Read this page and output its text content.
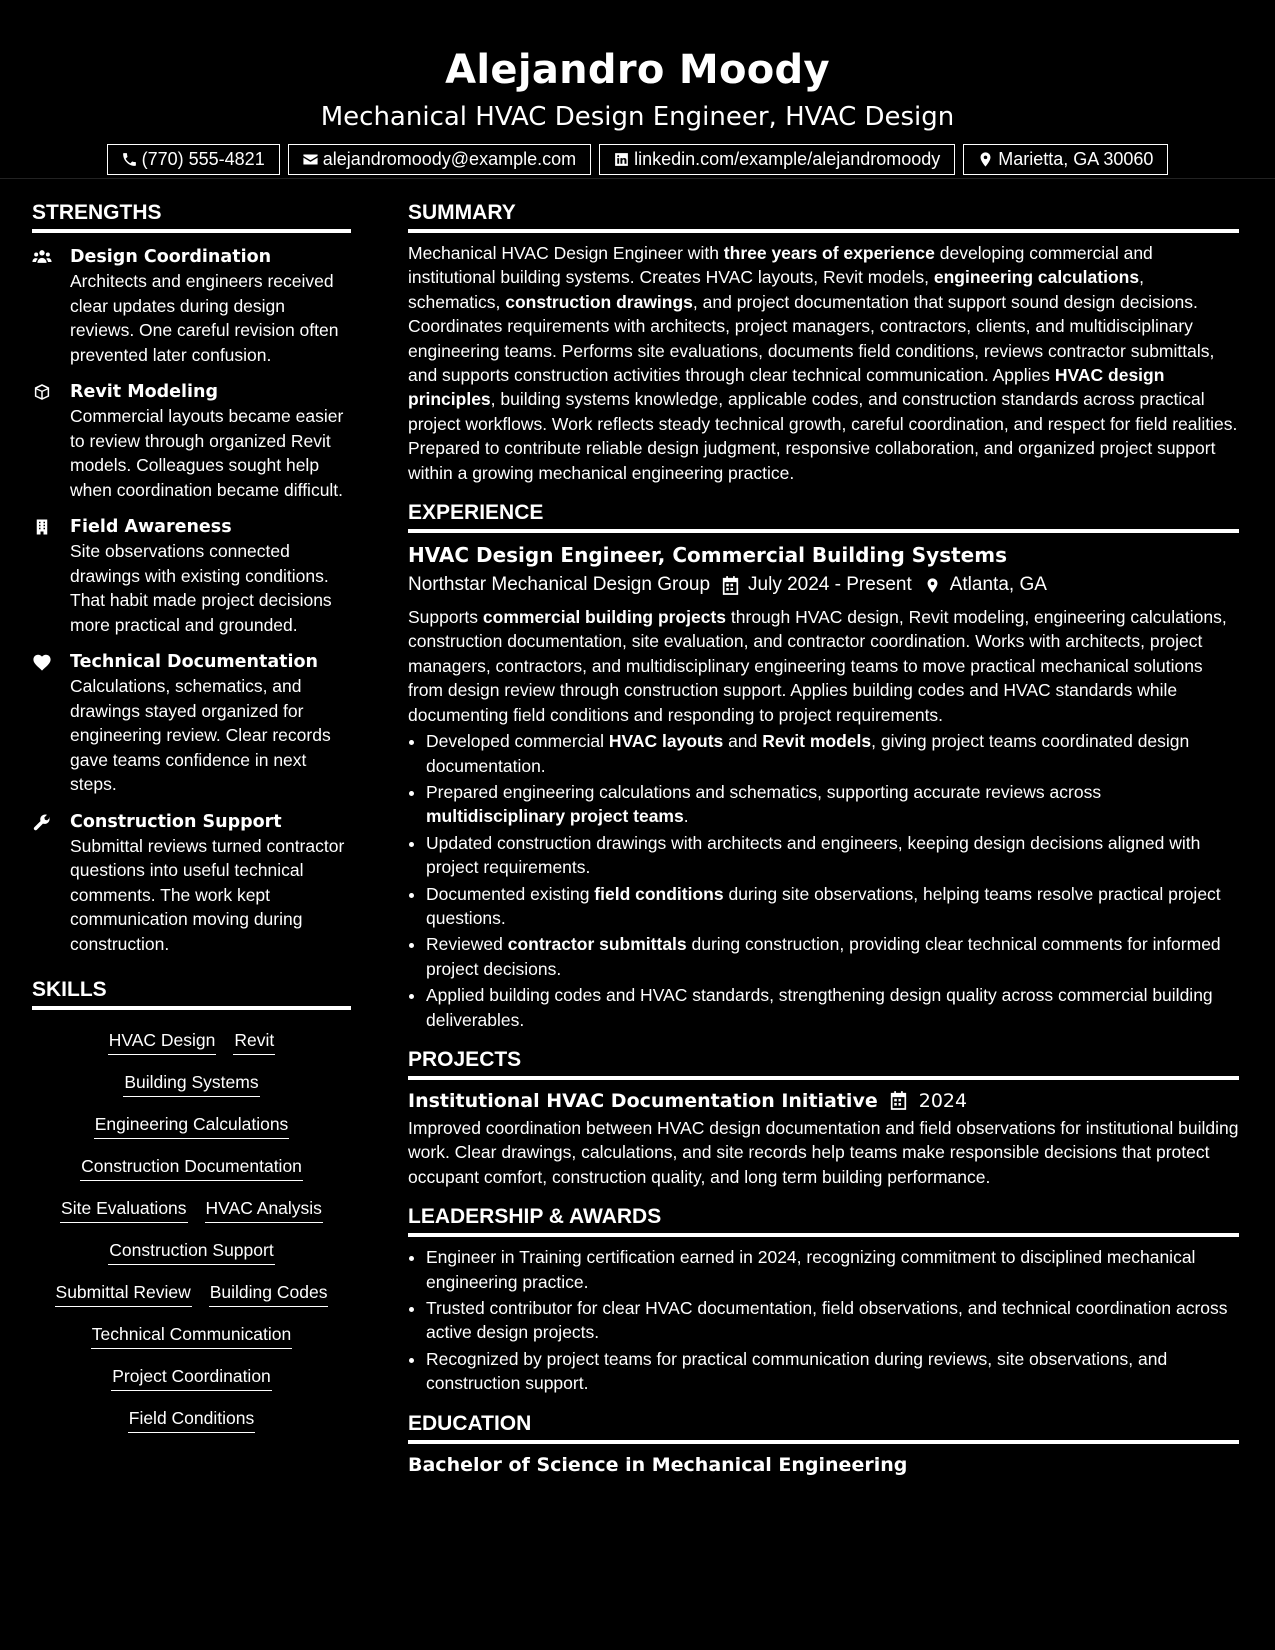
Alejandro Moody
Mechanical HVAC Design Engineer, HVAC Design
(770) 555-4821	alejandromoody@example.com	linkedin.com/example/alejandromoody	Marietta, GA 30060
STRENGTHS
Design Coordination
Architects and engineers received clear updates during design reviews. One careful revision often prevented later confusion.
Revit Modeling
Commercial layouts became easier to review through organized Revit models. Colleagues sought help when coordination became difficult.
Field Awareness
Site observations connected drawings with existing conditions. That habit made project decisions more practical and grounded.
Technical Documentation
Calculations, schematics, and drawings stayed organized for engineering review. Clear records gave teams confidence in next steps.
Construction Support
Submittal reviews turned contractor questions into useful technical comments. The work kept communication moving during construction.
SKILLS
HVAC Design Revit
Building Systems
Engineering Calculations
Construction Documentation
Site Evaluations HVAC Analysis
Construction Support
Submittal Review Building Codes
Technical Communication
Project Coordination
Field Conditions
SUMMARY

Mechanical HVAC Design Engineer with three years of experience developing commercial and institutional building systems. Creates HVAC layouts, Revit models, engineering calculations, schematics, construction drawings, and project documentation that support sound design decisions. Coordinates requirements with architects, project managers, contractors, clients, and multidisciplinary engineering teams. Performs site evaluations, documents field conditions, reviews contractor submittals, and supports construction activities through clear technical communication. Applies HVAC design principles, building systems knowledge, applicable codes, and construction standards across practical project workflows. Work reflects steady technical growth, careful coordination, and respect for field realities. Prepared to contribute reliable design judgment, responsive collaboration, and organized project support within a growing mechanical engineering practice.

EXPERIENCE
HVAC Design Engineer, Commercial Building Systems
Northstar Mechanical Design Group July 2024 - Present Atlanta, GA

Supports commercial building projects through HVAC design, Revit modeling, engineering calculations, construction documentation, site evaluation, and contractor coordination. Works with architects, project managers, contractors, and multidisciplinary engineering teams to move practical mechanical solutions from design review through construction support. Applies building codes and HVAC standards while documenting field conditions and responding to project requirements.

• Developed commercial HVAC layouts and Revit models, giving project teams coordinated design documentation.
• Prepared engineering calculations and schematics, supporting accurate reviews across multidisciplinary project teams.
• Updated construction drawings with architects and engineers, keeping design decisions aligned with project requirements.
• Documented existing field conditions during site observations, helping teams resolve practical project questions.
• Reviewed contractor submittals during construction, providing clear technical comments for informed project decisions.
• Applied building codes and HVAC standards, strengthening design quality across commercial building deliverables.
PROJECTS
Institutional HVAC Documentation Initiative 2024

Improved coordination between HVAC design documentation and field observations for institutional building work. Clear drawings, calculations, and site records help teams make responsible decisions that protect occupant comfort, construction quality, and long term building performance.

LEADERSHIP & AWARDS
• Engineer in Training certification earned in 2024, recognizing commitment to disciplined mechanical engineering practice.
• Trusted contributor for clear HVAC documentation, field observations, and technical coordination across active design projects.
• Recognized by project teams for practical communication during reviews, site observations, and construction support.
EDUCATION
Bachelor of Science in Mechanical Engineering
